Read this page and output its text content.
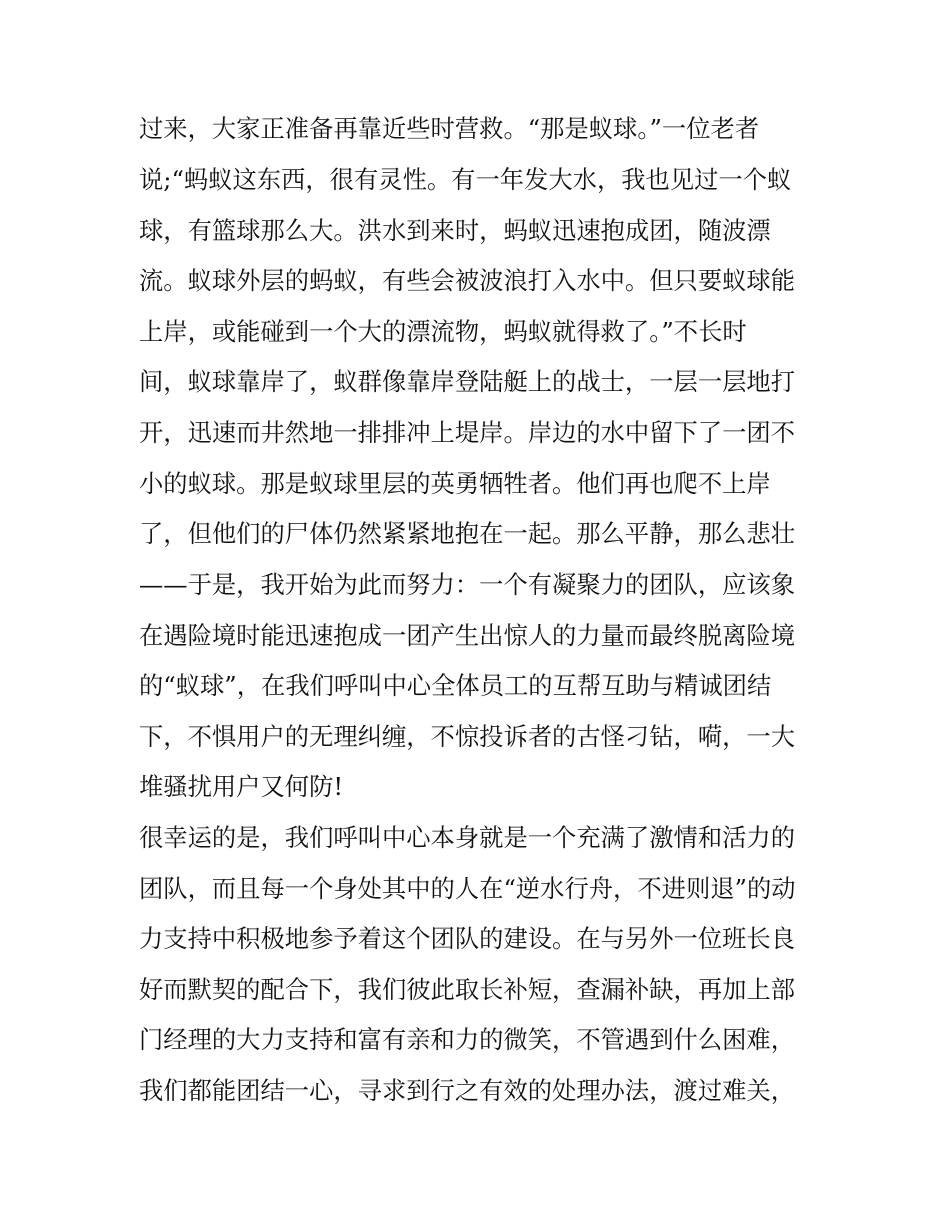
过来，大家正准备再靠近些时营救。“那是蚁球。”一位老者
说;“蚂蚁这东西，很有灵性。有一年发大水，我也见过一个蚁
球，有篮球那么大。洪水到来时，蚂蚁迅速抱成团，随波漂
流。蚁球外层的蚂蚁，有些会被波浪打入水中。但只要蚁球能
上岸，或能碰到一个大的漂流物，蚂蚁就得救了。”不长时
间，蚁球靠岸了，蚁群像靠岸登陆艇上的战士，一层一层地打
开，迅速而井然地一排排冲上堤岸。岸边的水中留下了一团不
小的蚁球。那是蚁球里层的英勇牺牲者。他们再也爬不上岸
了，但他们的尸体仍然紧紧地抱在一起。那么平静，那么悲壮
——于是，我开始为此而努力：一个有凝聚力的团队，应该象
在遇险境时能迅速抱成一团产生出惊人的力量而最终脱离险境
的“蚁球”，在我们呼叫中心全体员工的互帮互助与精诚团结
下，不惧用户的无理纠缠，不惊投诉者的古怪刁钻，嗬，一大
堆骚扰用户又何防!
很幸运的是，我们呼叫中心本身就是一个充满了激情和活力的
团队，而且每一个身处其中的人在“逆水行舟，不进则退”的动
力支持中积极地参予着这个团队的建设。在与另外一位班长良
好而默契的配合下，我们彼此取长补短，查漏补缺，再加上部
门经理的大力支持和富有亲和力的微笑，不管遇到什么困难，
我们都能团结一心，寻求到行之有效的处理办法，渡过难关，
